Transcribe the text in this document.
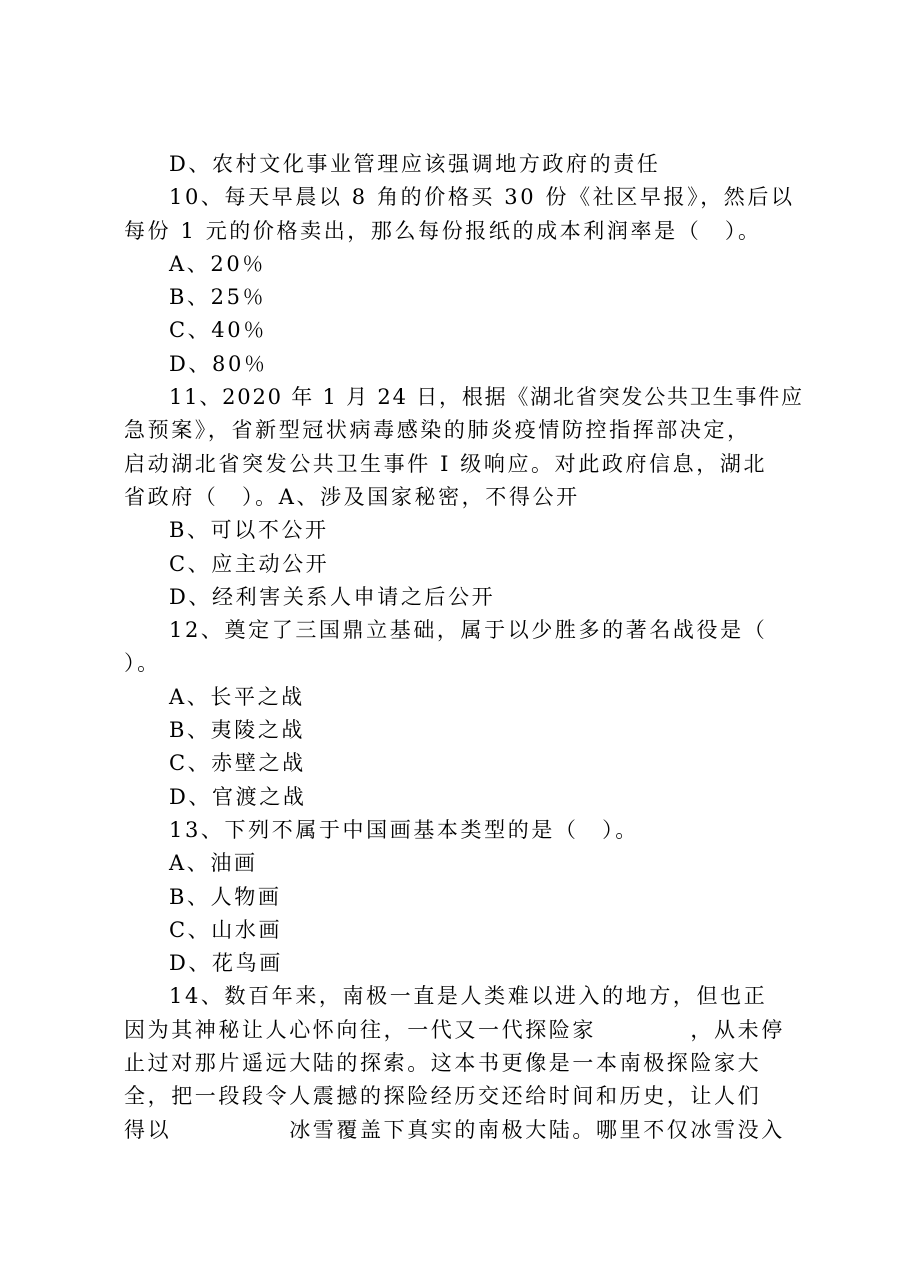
D、农村文化事业管理应该强调地方政府的责任
10、每天早晨以 8 角的价格买 30 份《社区早报》，然后以
每份 1 元的价格卖出，那么每份报纸的成本利润率是（　）。
A、20％
B、25％
C、40％
D、80％
11、2020 年 1 月 24 日，根据《湖北省突发公共卫生事件应
急预案》，省新型冠状病毒感染的肺炎疫情防控指挥部决定，
启动湖北省突发公共卫生事件 I 级响应。对此政府信息，湖北
省政府（　）。A、涉及国家秘密，不得公开
B、可以不公开
C、应主动公开
D、经利害关系人申请之后公开
12、奠定了三国鼎立基础，属于以少胜多的著名战役是（
）。
A、长平之战
B、夷陵之战
C、赤壁之战
D、官渡之战
13、下列不属于中国画基本类型的是（　）。
A、油画
B、人物画
C、山水画
D、花鸟画
14、数百年来，南极一直是人类难以进入的地方，但也正
因为其神秘让人心怀向往，一代又一代探险家　　　　，从未停
止过对那片遥远大陆的探索。这本书更像是一本南极探险家大
全，把一段段令人震撼的探险经历交还给时间和历史，让人们
得以　　　　　冰雪覆盖下真实的南极大陆。哪里不仅冰雪没入
